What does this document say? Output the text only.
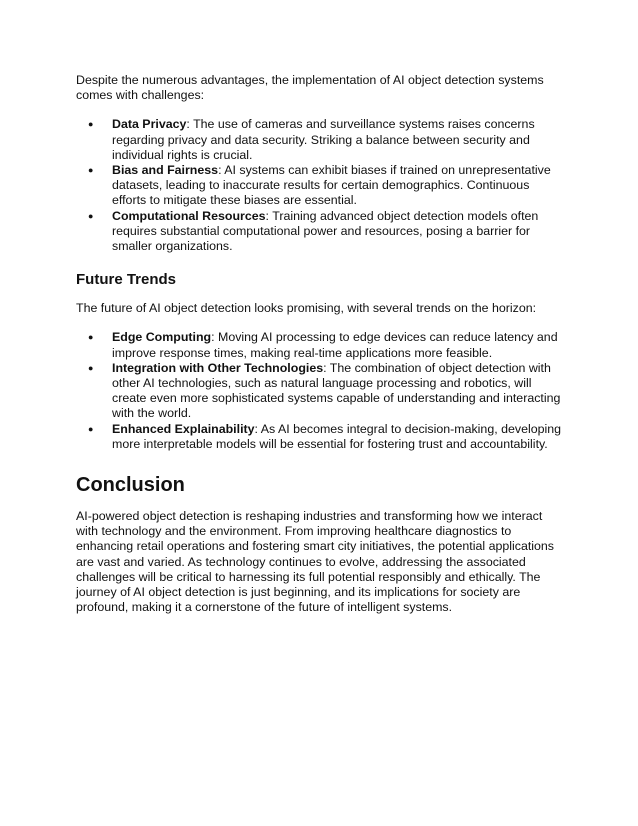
Despite the numerous advantages, the implementation of AI object detection systems comes with challenges:

● Data Privacy: The use of cameras and surveillance systems raises concerns regarding privacy and data security. Striking a balance between security and individual rights is crucial.
● Bias and Fairness: AI systems can exhibit biases if trained on unrepresentative datasets, leading to inaccurate results for certain demographics. Continuous efforts to mitigate these biases are essential.
● Computational Resources: Training advanced object detection models often requires substantial computational power and resources, posing a barrier for smaller organizations.
Future Trends

The future of AI object detection looks promising, with several trends on the horizon:

● Edge Computing: Moving AI processing to edge devices can reduce latency and improve response times, making real-time applications more feasible.
● Integration with Other Technologies: The combination of object detection with other AI technologies, such as natural language processing and robotics, will create even more sophisticated systems capable of understanding and interacting with the world.
● Enhanced Explainability: As AI becomes integral to decision-making, developing more interpretable models will be essential for fostering trust and accountability.
Conclusion

AI-powered object detection is reshaping industries and transforming how we interact with technology and the environment. From improving healthcare diagnostics to enhancing retail operations and fostering smart city initiatives, the potential applications are vast and varied. As technology continues to evolve, addressing the associated challenges will be critical to harnessing its full potential responsibly and ethically. The journey of AI object detection is just beginning, and its implications for society are profound, making it a cornerstone of the future of intelligent systems.
